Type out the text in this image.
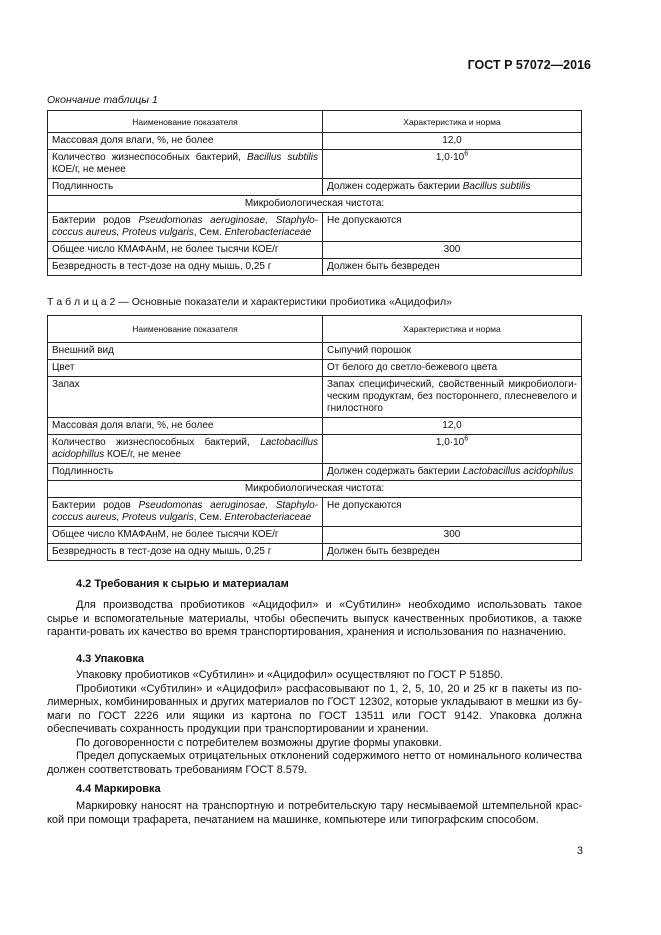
ГОСТ Р 57072—2016
Окончание таблицы 1
Наименование показателя	Характеристика и норма
Массовая доля влаги, %, не более	12,0
Количество жизнеспособных бактерий, Bacillus subtilis КОЕ/г, не менее	$1,0\cdot 10^6$
Подлинность	Должен содержать бактерии Bacillus subtilis
Микробиологическая чистота:	
Бактерии родов Pseudomonas aeruginosae, Staphylo-coccus aureus, Proteus vulgaris, Сем. Enterobacteriaceae	Не допускаются
Общее число КМАФАнМ, не более тысячи КОЕ/г	300
Безвредность в тест-дозе на одну мышь, 0,25 г	Должен быть безвреден
Т а б л и ц а 2 — Основные показатели и характеристики пробиотика «Ацидофил»
Наименование показателя	Характеристика и норма
Внешний вид	Сыпучий порошок
Цвет	От белого до светло-бежевого цвета
Запах	Запах специфический, свойственный микробиологи-ческим продуктам, без постороннего, плесневелого и гнилостного
Массовая доля влаги, %, не более	12,0
Количество жизнеспособных бактерий, Lactobacillus acidophillus КОЕ/г, не менее	$1,0\cdot 10^6$
Подлинность	Должен содержать бактерии Lactobacillus acidophilus
Микробиологическая чистота:	
Бактерии родов Pseudomonas aeruginosae, Staphylo-coccus aureus, Proteus vulgaris, Сем. Enterobacteriaceae	Не допускаются
Общее число КМАФАнМ, не более тысячи КОЕ/г	300
Безвредность в тест-дозе на одну мышь, 0,25 г	Должен быть безвреден
4.2 Требования к сырью и материалам

Для производства пробиотиков «Ацидофил» и «Субтилин» необходимо использовать такое сырье и вспомогательные материалы, чтобы обеспечить выпуск качественных пробиотиков, а также гаранти-ровать их качество во время транспортирования, хранения и использования по назначению.

4.3 Упаковка

Упаковку пробиотиков «Субтилин» и «Ацидофил» осуществляют по ГОСТ Р 51850.

Пробиотики «Субтилин» и «Ацидофил» расфасовывают по 1, 2, 5, 10, 20 и 25 кг в пакеты из по-лимерных, комбинированных и других материалов по ГОСТ 12302, которые укладывают в мешки из бу-маги по ГОСТ 2226 или ящики из картона по ГОСТ 13511 или ГОСТ 9142. Упаковка должна обеспечивать сохранность продукции при транспортировании и хранении.

По договоренности с потребителем возможны другие формы упаковки.

Предел допускаемых отрицательных отклонений содержимого нетто от номинального количества должен соответствовать требованиям ГОСТ 8.579.

4.4 Маркировка

Маркировку наносят на транспортную и потребительскую тару несмываемой штемпельной крас-кой при помощи трафарета, печатанием на машинке, компьютере или типографским способом.

3
